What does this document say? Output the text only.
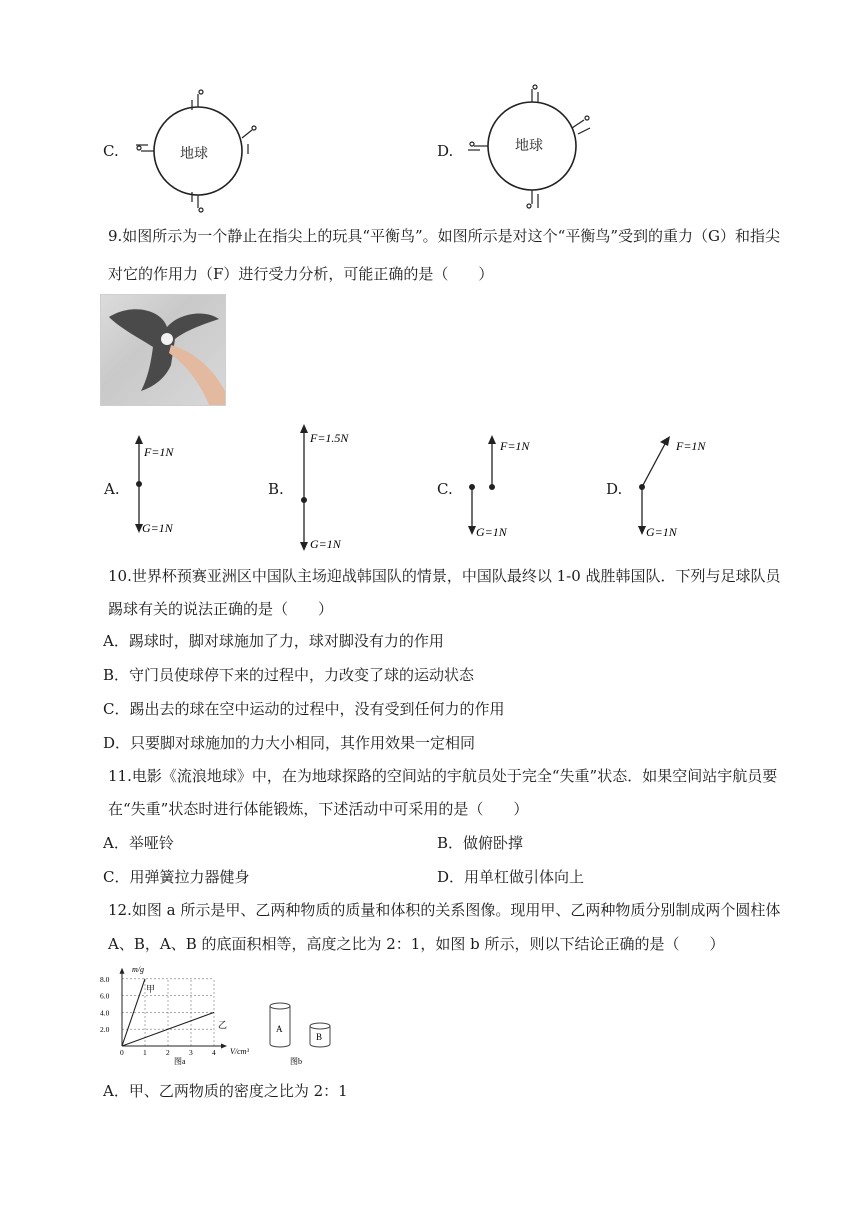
C.	地球	D.	地球
9.如图所示为一个静止在指尖上的玩具“平衡鸟”。如图所示是对这个“平衡鸟”受到的重力（G）和指尖
对它的作用力（F）进行受力分析，可能正确的是（　　）
A.
F=1N
G=1N
B.
F=1.5N
G=1N
C.
F=1N
G=1N
D.
F=1N
G=1N
10.世界杯预赛亚洲区中国队主场迎战韩国队的情景，中国队最终以 1-0 战胜韩国队．下列与足球队员
踢球有关的说法正确的是（　　）
A．踢球时，脚对球施加了力，球对脚没有力的作用
B．守门员使球停下来的过程中，力改变了球的运动状态
C．踢出去的球在空中运动的过程中，没有受到任何力的作用
D．只要脚对球施加的力大小相同，其作用效果一定相同
11.电影《流浪地球》中，在为地球探路的空间站的宇航员处于完全“失重”状态．如果空间站宇航员要
在“失重”状态时进行体能锻炼，下述活动中可采用的是（　　）
A．举哑铃	B．做俯卧撑
C．用弹簧拉力器健身	D．用单杠做引体向上
12.如图 a 所示是甲、乙两种物质的质量和体积的关系图像。现用甲、乙两种物质分别制成两个圆柱体
A、B，A、B 的底面积相等，高度之比为 2：1，如图 b 所示，则以下结论正确的是（　　）
8.0
6.0
4.0
2.0
0	1	2	3	4
m/g
V/cm³
甲
乙
图a
A
B
图b
A．甲、乙两物质的密度之比为 2：1
